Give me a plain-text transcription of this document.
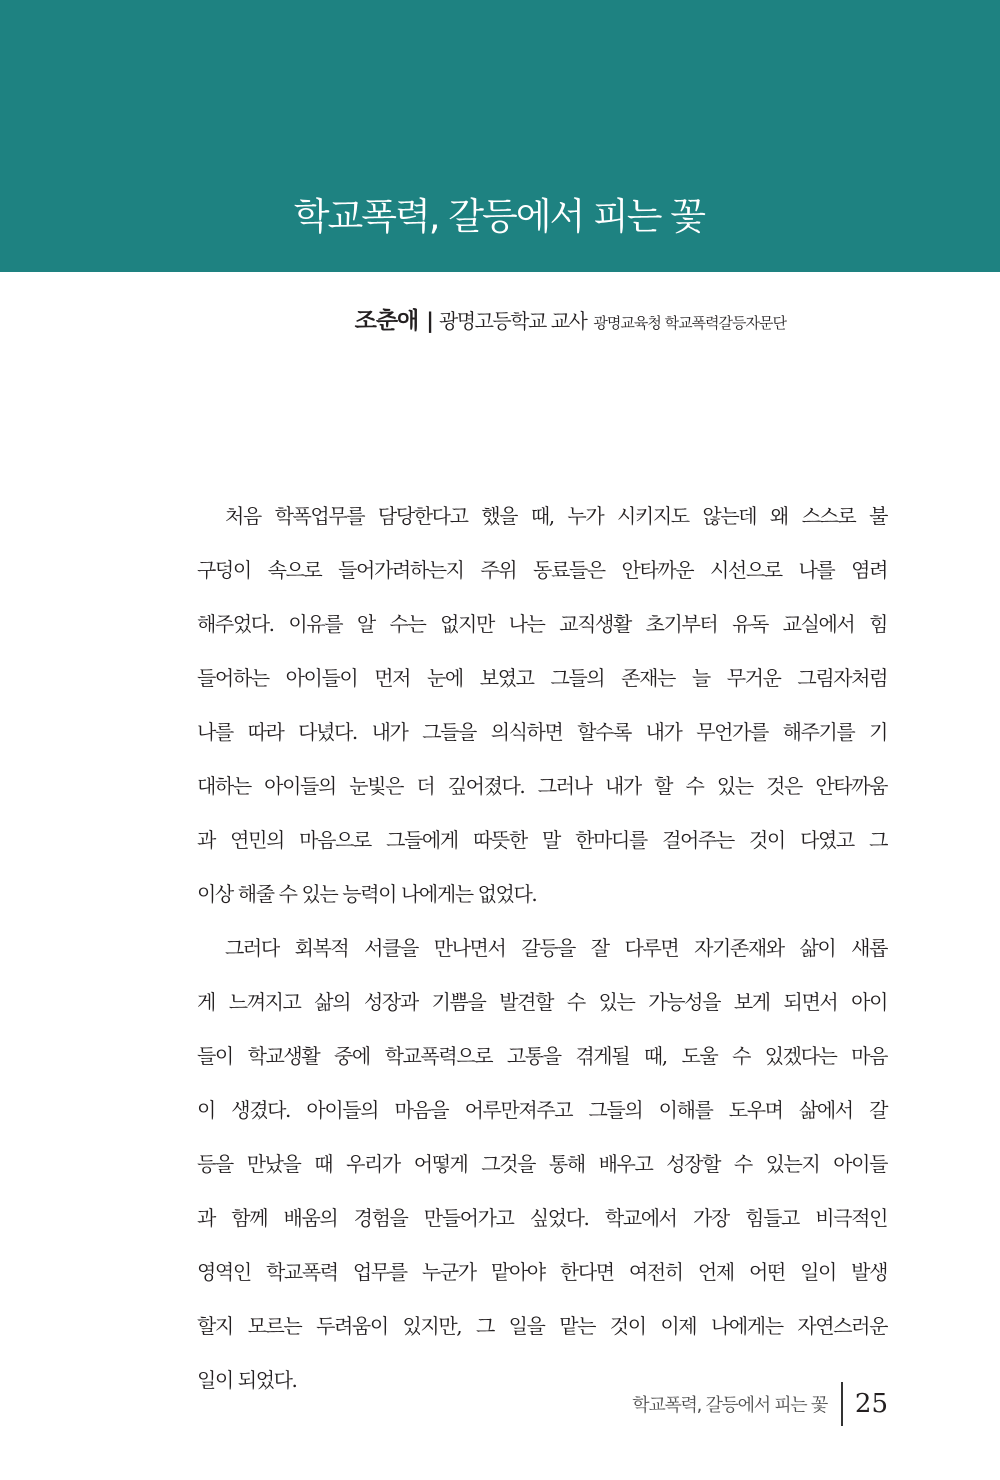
학교폭력, 갈등에서 피는 꽃
조춘애 | 광명고등학교 교사 광명교육청 학교폭력갈등자문단

처음 학폭업무를 담당한다고 했을 때, 누가 시키지도 않는데 왜 스스로 불
구덩이 속으로 들어가려하는지 주위 동료들은 안타까운 시선으로 나를 염려
해주었다. 이유를 알 수는 없지만 나는 교직생활 초기부터 유독 교실에서 힘
들어하는 아이들이 먼저 눈에 보였고 그들의 존재는 늘 무거운 그림자처럼
나를 따라 다녔다. 내가 그들을 의식하면 할수록 내가 무언가를 해주기를 기
대하는 아이들의 눈빛은 더 깊어졌다. 그러나 내가 할 수 있는 것은 안타까움
과 연민의 마음으로 그들에게 따뜻한 말 한마디를 걸어주는 것이 다였고 그
이상 해줄 수 있는 능력이 나에게는 없었다.

그러다 회복적 서클을 만나면서 갈등을 잘 다루면 자기존재와 삶이 새롭
게 느껴지고 삶의 성장과 기쁨을 발견할 수 있는 가능성을 보게 되면서 아이
들이 학교생활 중에 학교폭력으로 고통을 겪게될 때, 도울 수 있겠다는 마음
이 생겼다. 아이들의 마음을 어루만져주고 그들의 이해를 도우며 삶에서 갈
등을 만났을 때 우리가 어떻게 그것을 통해 배우고 성장할 수 있는지 아이들
과 함께 배움의 경험을 만들어가고 싶었다. 학교에서 가장 힘들고 비극적인
영역인 학교폭력 업무를 누군가 맡아야 한다면 여전히 언제 어떤 일이 발생
할지 모르는 두려움이 있지만, 그 일을 맡는 것이 이제 나에게는 자연스러운
일이 되었다.

학교폭력, 갈등에서 피는 꽃 25
